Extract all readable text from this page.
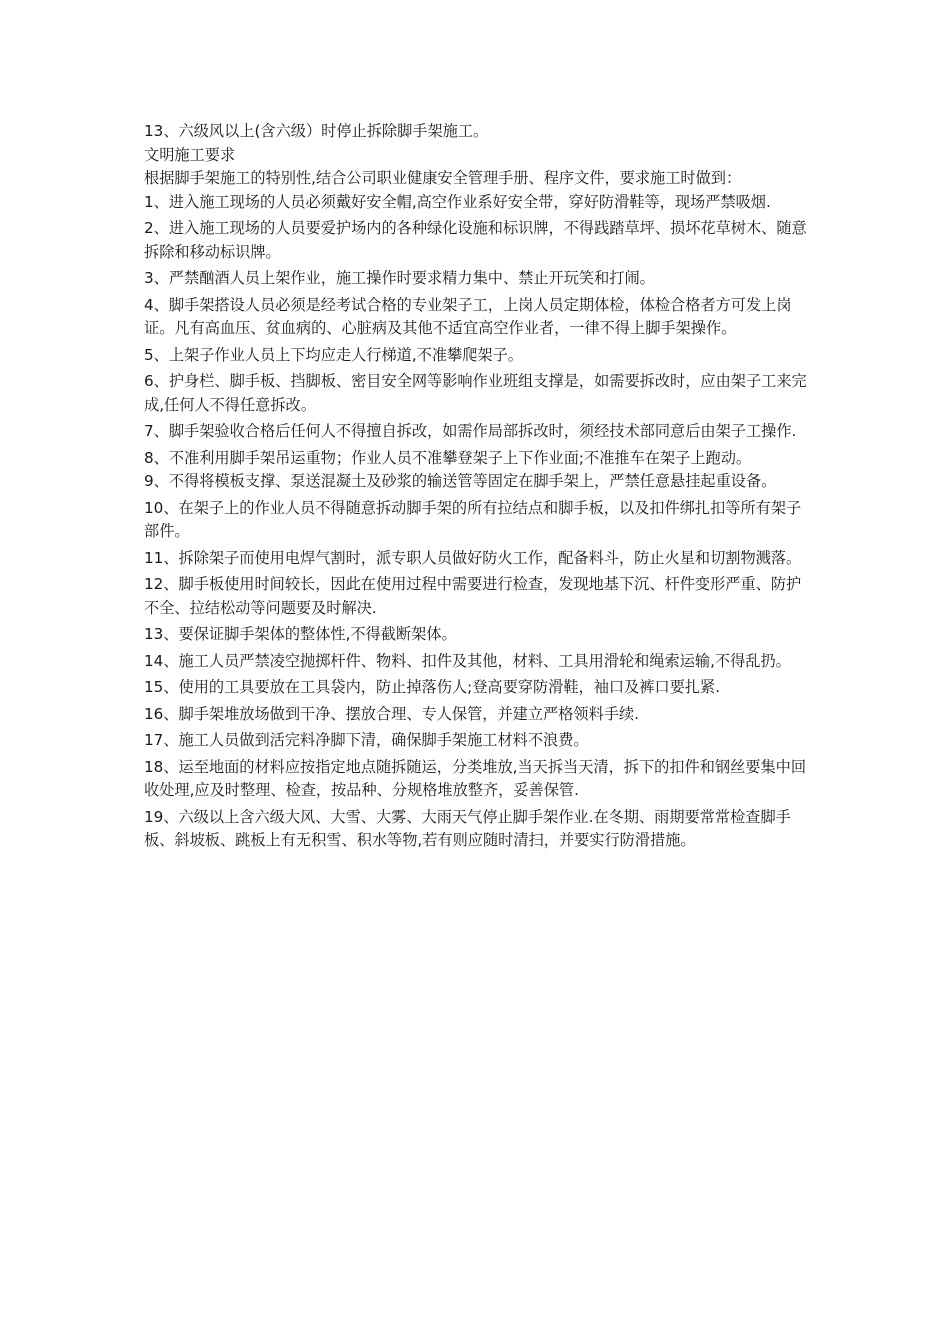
13、六级风以上(含六级）时停止拆除脚手架施工。

文明施工要求

根据脚手架施工的特别性,结合公司职业健康安全管理手册、程序文件，要求施工时做到：

1、进入施工现场的人员必须戴好安全帽,高空作业系好安全带，穿好防滑鞋等，现场严禁吸烟.

2、进入施工现场的人员要爱护场内的各种绿化设施和标识牌，不得践踏草坪、损坏花草树木、随意拆除和移动标识牌。

3、严禁酗酒人员上架作业，施工操作时要求精力集中、禁止开玩笑和打闹。

4、脚手架搭设人员必须是经考试合格的专业架子工，上岗人员定期体检，体检合格者方可发上岗证。凡有高血压、贫血病的、心脏病及其他不适宜高空作业者，一律不得上脚手架操作。

5、上架子作业人员上下均应走人行梯道,不准攀爬架子。

6、护身栏、脚手板、挡脚板、密目安全网等影响作业班组支撑是，如需要拆改时，应由架子工来完成,任何人不得任意拆改。

7、脚手架验收合格后任何人不得擅自拆改，如需作局部拆改时，须经技术部同意后由架子工操作.

8、不准利用脚手架吊运重物；作业人员不准攀登架子上下作业面;不准推车在架子上跑动。

9、不得将模板支撑、泵送混凝土及砂浆的输送管等固定在脚手架上，严禁任意悬挂起重设备。

10、在架子上的作业人员不得随意拆动脚手架的所有拉结点和脚手板，以及扣件绑扎扣等所有架子部件。

11、拆除架子而使用电焊气割时，派专职人员做好防火工作，配备料斗，防止火星和切割物溅落。

12、脚手板使用时间较长，因此在使用过程中需要进行检查，发现地基下沉、杆件变形严重、防护不全、拉结松动等问题要及时解决.

13、要保证脚手架体的整体性,不得截断架体。

14、施工人员严禁凌空抛掷杆件、物料、扣件及其他，材料、工具用滑轮和绳索运输,不得乱扔。

15、使用的工具要放在工具袋内，防止掉落伤人;登高要穿防滑鞋，袖口及裤口要扎紧.

16、脚手架堆放场做到干净、摆放合理、专人保管，并建立严格领料手续.

17、施工人员做到活完料净脚下清，确保脚手架施工材料不浪费。

18、运至地面的材料应按指定地点随拆随运，分类堆放,当天拆当天清，拆下的扣件和钢丝要集中回收处理,应及时整理、检查，按品种、分规格堆放整齐，妥善保管.

19、六级以上含六级大风、大雪、大雾、大雨天气停止脚手架作业.在冬期、雨期要常常检查脚手板、斜坡板、跳板上有无积雪、积水等物,若有则应随时清扫，并要实行防滑措施。
